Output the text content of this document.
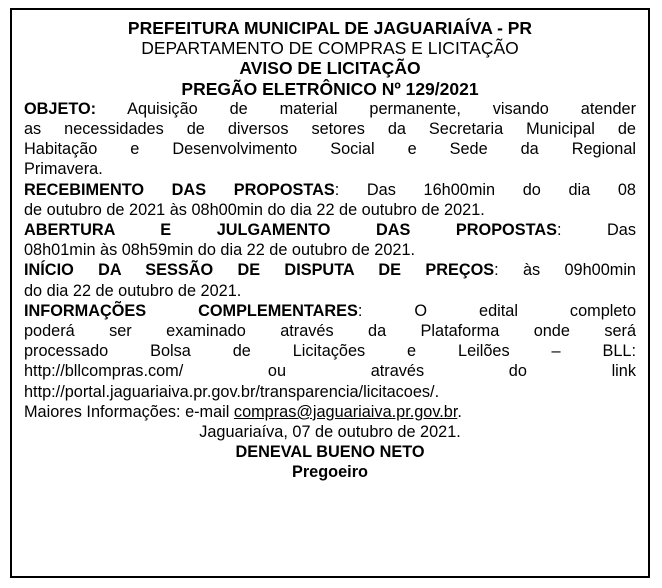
PREFEITURA MUNICIPAL DE JAGUARIAÍVA - PR
DEPARTAMENTO DE COMPRAS E LICITAÇÃO
AVISO DE LICITAÇÃO
PREGÃO ELETRÔNICO Nº 129/2021
OBJETO: Aquisição de material permanente, visando atender
as necessidades de diversos setores da Secretaria Municipal de
Habitação e Desenvolvimento Social e Sede da Regional
Primavera.
RECEBIMENTO DAS PROPOSTAS: Das 16h00min do dia 08
de outubro de 2021 às 08h00min do dia 22 de outubro de 2021.
ABERTURA E JULGAMENTO DAS PROPOSTAS: Das
08h01min às 08h59min do dia 22 de outubro de 2021.
INÍCIO DA SESSÃO DE DISPUTA DE PREÇOS: às 09h00min
do dia 22 de outubro de 2021.
INFORMAÇÕES COMPLEMENTARES: O edital completo
poderá ser examinado através da Plataforma onde será
processado Bolsa de Licitações e Leilões – BLL:
http://bllcompras.com/ ou através do link
http://portal.jaguariaiva.pr.gov.br/transparencia/licitacoes/.
Maiores Informações: e-mail compras@jaguariaiva.pr.gov.br.
Jaguariaíva, 07 de outubro de 2021.
DENEVAL BUENO NETO
Pregoeiro
